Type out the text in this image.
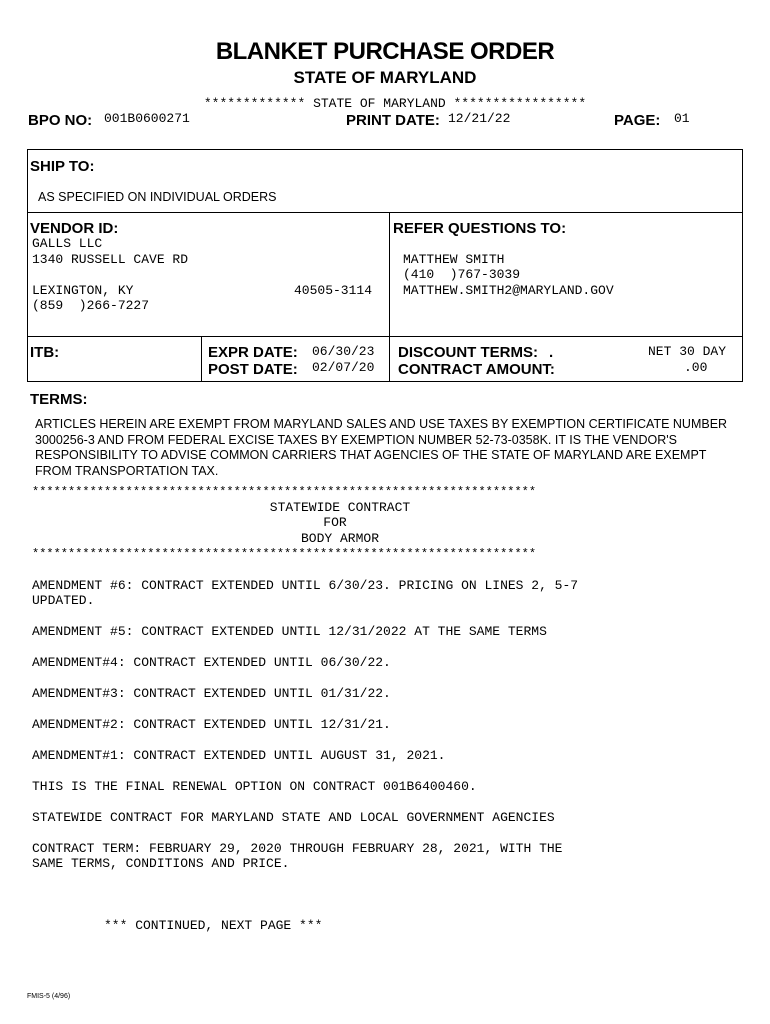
BLANKET PURCHASE ORDER
STATE OF MARYLAND
************* STATE OF MARYLAND *****************
BPO NO: 001B0600271	PRINT DATE: 12/21/22	PAGE: 01
SHIP TO:
AS SPECIFIED ON INDIVIDUAL ORDERS
VENDOR ID:
GALLS LLC
1340 RUSSELL CAVE RD
LEXINGTON, KY	40505-3114
(859  )266-7227
REFER QUESTIONS TO:
MATTHEW SMITH
(410  )767-3039
MATTHEW.SMITH2@MARYLAND.GOV
ITB:	EXPR DATE: 06/30/23
POST DATE: 02/07/20
DISCOUNT TERMS: .	NET 30 DAY
CONTRACT AMOUNT:	.00
TERMS:
ARTICLES HEREIN ARE EXEMPT FROM MARYLAND SALES AND USE TAXES BY EXEMPTION CERTIFICATE NUMBER 3000256-3 AND FROM FEDERAL EXCISE TAXES BY EXEMPTION NUMBER 52-73-0358K. IT IS THE VENDOR'S RESPONSIBILITY TO ADVISE COMMON CARRIERS THAT AGENCIES OF THE STATE OF MARYLAND ARE EXEMPT FROM TRANSPORTATION TAX.
**********************************************************************
STATEWIDE CONTRACT
FOR
BODY ARMOR
**********************************************************************
AMENDMENT #6: CONTRACT EXTENDED UNTIL 6/30/23. PRICING ON LINES 2, 5-7
UPDATED.
AMENDMENT #5: CONTRACT EXTENDED UNTIL 12/31/2022 AT THE SAME TERMS
AMENDMENT#4: CONTRACT EXTENDED UNTIL 06/30/22.
AMENDMENT#3: CONTRACT EXTENDED UNTIL 01/31/22.
AMENDMENT#2: CONTRACT EXTENDED UNTIL 12/31/21.
AMENDMENT#1: CONTRACT EXTENDED UNTIL AUGUST 31, 2021.
THIS IS THE FINAL RENEWAL OPTION ON CONTRACT 001B6400460.
STATEWIDE CONTRACT FOR MARYLAND STATE AND LOCAL GOVERNMENT AGENCIES
CONTRACT TERM: FEBRUARY 29, 2020 THROUGH FEBRUARY 28, 2021, WITH THE
SAME TERMS, CONDITIONS AND PRICE.
*** CONTINUED, NEXT PAGE ***
FMIS-5 (4/96)
